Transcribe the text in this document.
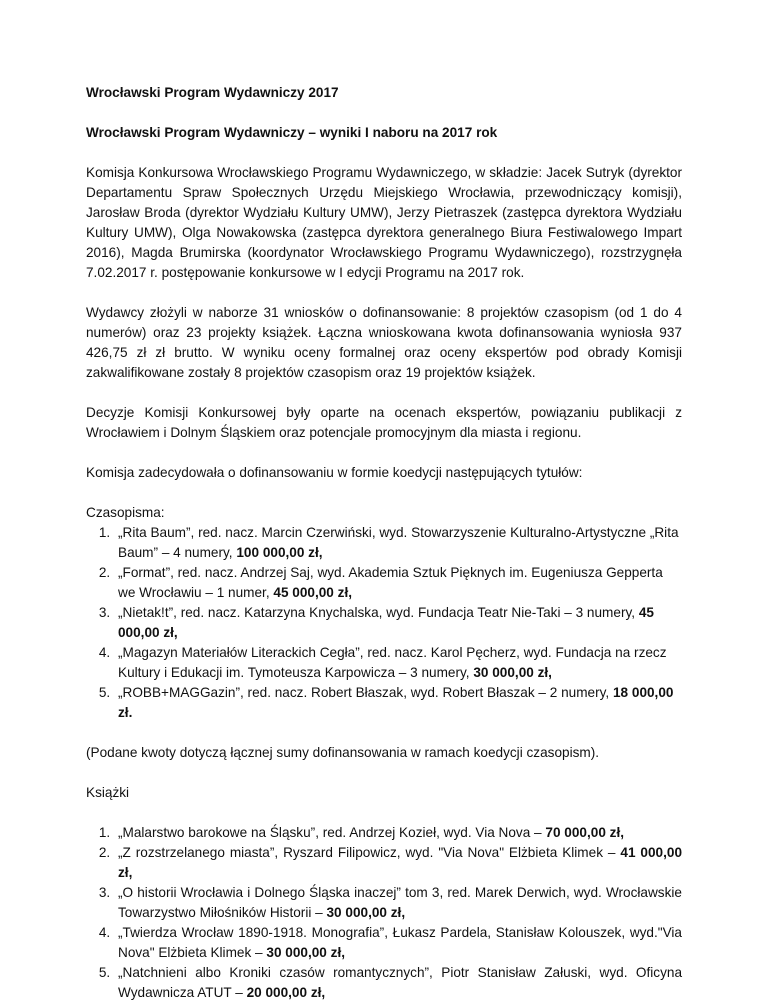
Wrocławski Program Wydawniczy 2017

Wrocławski Program Wydawniczy – wyniki I naboru na 2017 rok

Komisja Konkursowa Wrocławskiego Programu Wydawniczego, w składzie: Jacek Sutryk (dyrektor Departamentu Spraw Społecznych Urzędu Miejskiego Wrocławia, przewodniczący komisji), Jarosław Broda (dyrektor Wydziału Kultury UMW), Jerzy Pietraszek (zastępca dyrektora Wydziału Kultury UMW), Olga Nowakowska (zastępca dyrektora generalnego Biura Festiwalowego Impart 2016), Magda Brumirska (koordynator Wrocławskiego Programu Wydawniczego), rozstrzygnęła 7.02.2017 r. postępowanie konkursowe w I edycji Programu na 2017 rok.

Wydawcy złożyli w naborze 31 wniosków o dofinansowanie: 8 projektów czasopism (od 1 do 4 numerów) oraz 23 projekty książek. Łączna wnioskowana kwota dofinansowania wyniosła 937 426,75 zł zł brutto. W wyniku oceny formalnej oraz oceny ekspertów pod obrady Komisji zakwalifikowane zostały 8 projektów czasopism oraz 19 projektów książek.

Decyzje Komisji Konkursowej były oparte na ocenach ekspertów, powiązaniu publikacji z Wrocławiem i Dolnym Śląskiem oraz potencjale promocyjnym dla miasta i regionu.

Komisja zadecydowała o dofinansowaniu w formie koedycji następujących tytułów:

Czasopisma:

1. „Rita Baum”, red. nacz. Marcin Czerwiński, wyd. Stowarzyszenie Kulturalno-Artystyczne „Rita Baum” – 4 numery, 100 000,00 zł,
2. „Format”, red. nacz. Andrzej Saj, wyd. Akademia Sztuk Pięknych im. Eugeniusza Gepperta we Wrocławiu – 1 numer, 45 000,00 zł,
3. „Nietak!t”, red. nacz. Katarzyna Knychalska, wyd. Fundacja Teatr Nie-Taki – 3 numery, 45 000,00 zł,
4. „Magazyn Materiałów Literackich Cegła”, red. nacz. Karol Pęcherz, wyd. Fundacja na rzecz Kultury i Edukacji im. Tymoteusza Karpowicza – 3 numery, 30 000,00 zł,
5. „ROBB+MAGGazin”, red. nacz. Robert Błaszak, wyd. Robert Błaszak – 2 numery, 18 000,00 zł.

(Podane kwoty dotyczą łącznej sumy dofinansowania w ramach koedycji czasopism).

Książki

1. „Malarstwo barokowe na Śląsku”, red. Andrzej Kozieł, wyd. Via Nova – 70 000,00 zł,
2. „Z rozstrzelanego miasta”, Ryszard Filipowicz, wyd. "Via Nova" Elżbieta Klimek – 41 000,00 zł,
3. „O historii Wrocławia i Dolnego Śląska inaczej” tom 3, red. Marek Derwich, wyd. Wrocławskie Towarzystwo Miłośników Historii – 30 000,00 zł,
4. „Twierdza Wrocław 1890-1918. Monografia”, Łukasz Pardela, Stanisław Kolouszek, wyd."Via Nova" Elżbieta Klimek – 30 000,00 zł,
5. „Natchnieni albo Kroniki czasów romantycznych”, Piotr Stanisław Załuski, wyd. Oficyna Wydawnicza ATUT – 20 000,00 zł,
